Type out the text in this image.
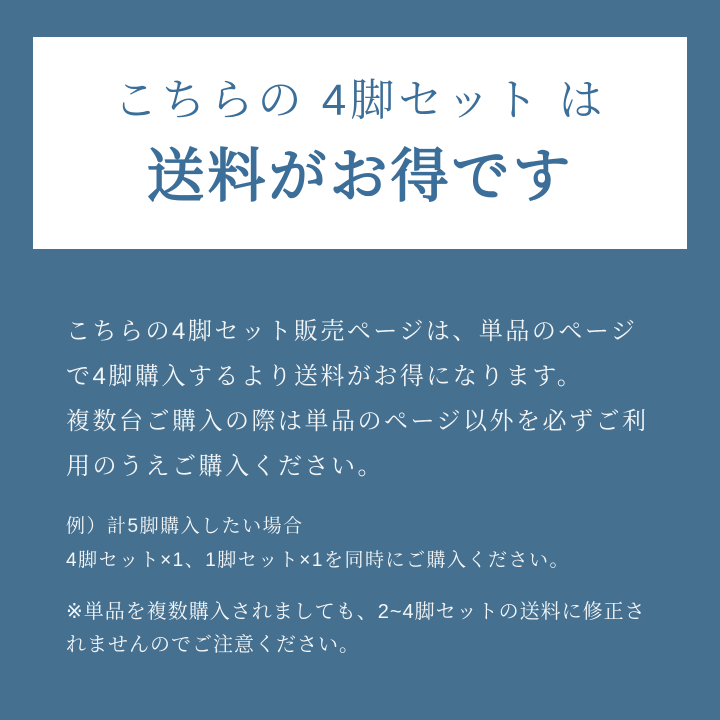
こちらの 4脚セット は
送料がお得です
こちらの4脚セット販売ページは、単品のページ
で4脚購入するより送料がお得になります。
複数台ご購入の際は単品のページ以外を必ずご利
用のうえご購入ください。
例）計5脚購入したい場合
4脚セット×1、1脚セット×1を同時にご購入ください。
※単品を複数購入されましても、2~4脚セットの送料に修正さ
れませんのでご注意ください。
